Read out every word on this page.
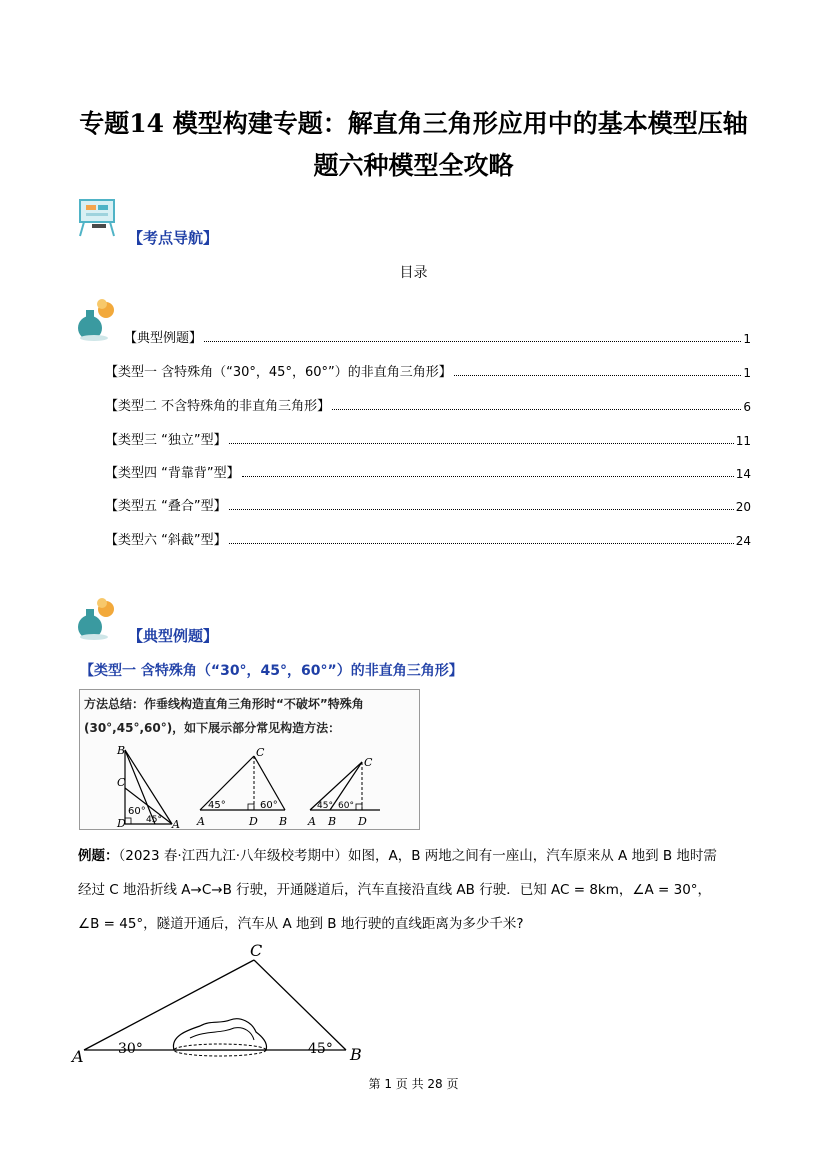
专题14 模型构建专题：解直角三角形应用中的基本模型压轴
题六种模型全攻略
【考点导航】
目录
【典型例题】	1
【类型一 含特殊角（“30°，45°，60°”）的非直角三角形】	1
【类型二 不含特殊角的非直角三角形】	6
【类型三 “独立”型】	11
【类型四 “背靠背”型】	14
【类型五 “叠合”型】	20
【类型六 “斜截”型】	24
【典型例题】
【类型一 含特殊角（“30°，45°，60°”）的非直角三角形】
方法总结：作垂线构造直角三角形时“不破坏”特殊角
(30°,45°,60°)，如下展示部分常见构造方法：
B
C
D	A
60°
45°
C
A	D B
45°	60°
C
A B D
45° 60°
例题：（2023 春·江西九江·八年级校考期中）如图，A，B 两地之间有一座山，汽车原来从 A 地到 B 地时需
经过 C 地沿折线 A→C→B 行驶，开通隧道后，汽车直接沿直线 AB 行驶．已知 AC = 8km，∠A = 30°，
∠B = 45°，隧道开通后，汽车从 A 地到 B 地行驶的直线距离为多少千米?
A	B
C
30°	45°
第 1 页 共 28 页
